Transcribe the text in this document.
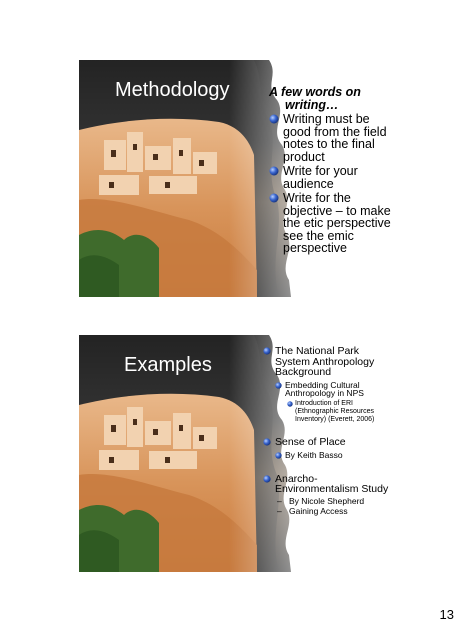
Methodology	A few words on
writing…
Writing must be good from the field notes to the final product
Write for your audience
Write for the objective – to make the etic perspective see the emic perspective
Examples
The National Park System Anthropology Background
Embedding Cultural Anthropology in NPS
Introduction of ERI (Ethnographic Resources Inventory) (Everett, 2006)
Sense of Place
By Keith Basso
Anarcho-Environmentalism Study
– By Nicole Shepherd
– Gaining Access
13
